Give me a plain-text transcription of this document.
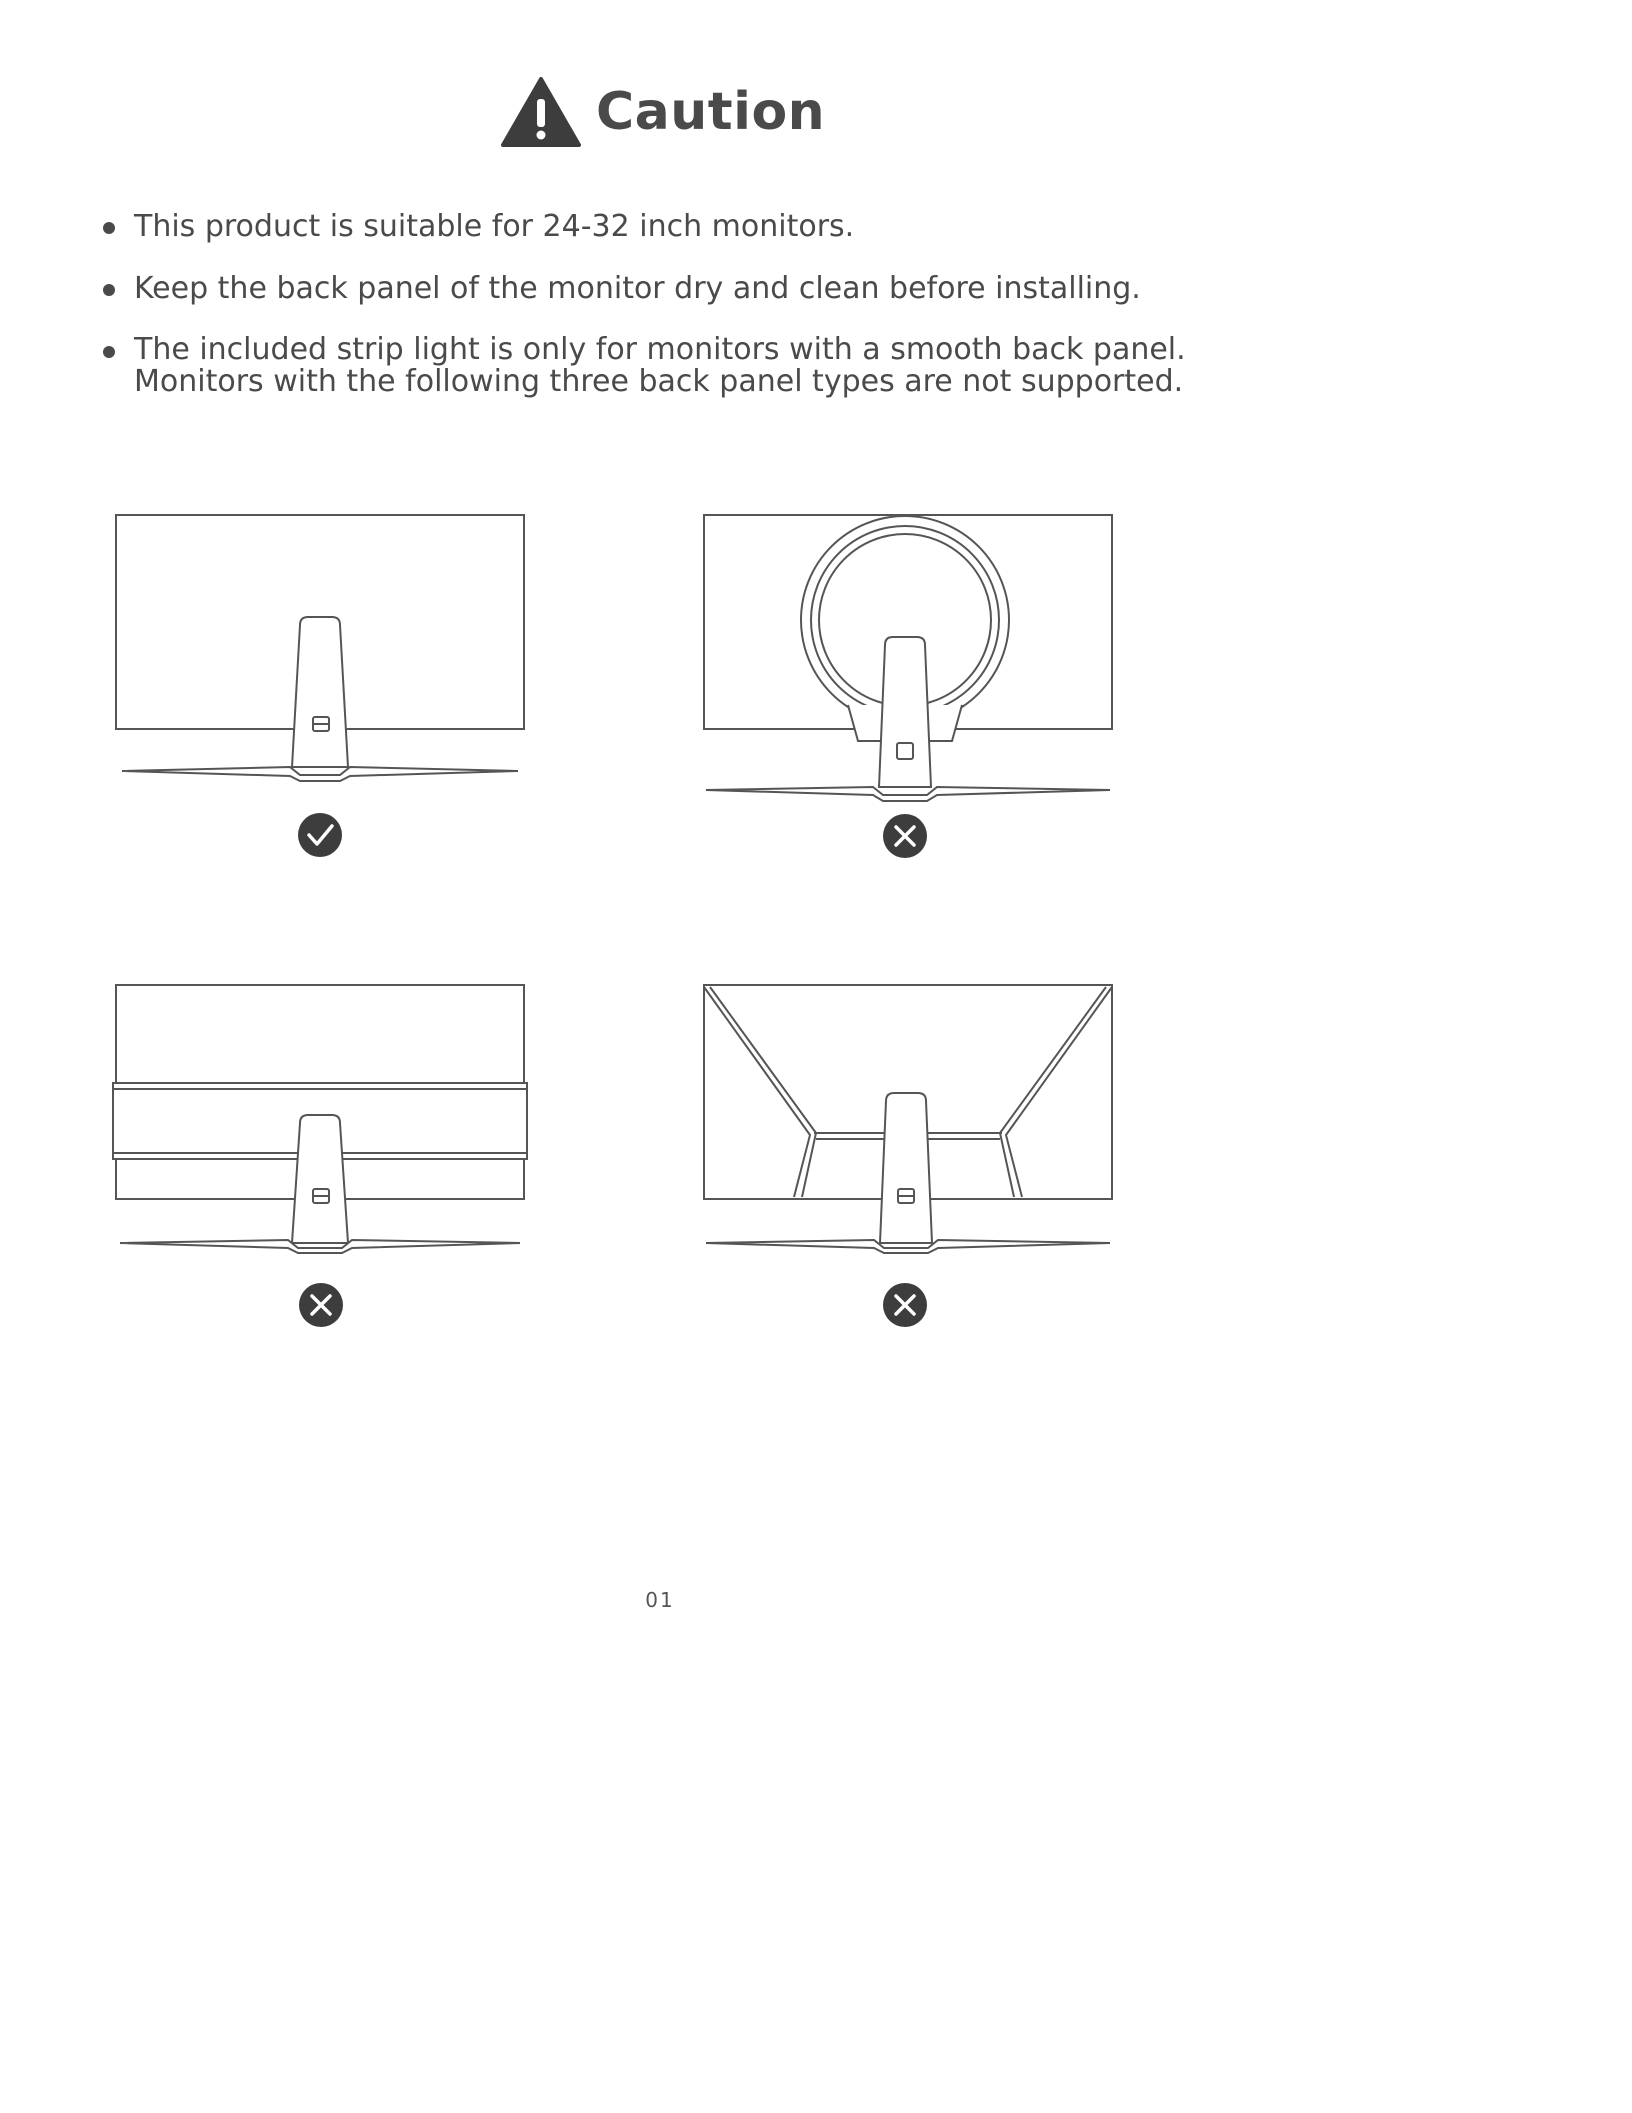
Caution
This product is suitable for 24-32 inch monitors.
Keep the back panel of the monitor dry and clean before installing.
The included strip light is only for monitors with a smooth back panel.
Monitors with the following three back panel types are not supported.
01
